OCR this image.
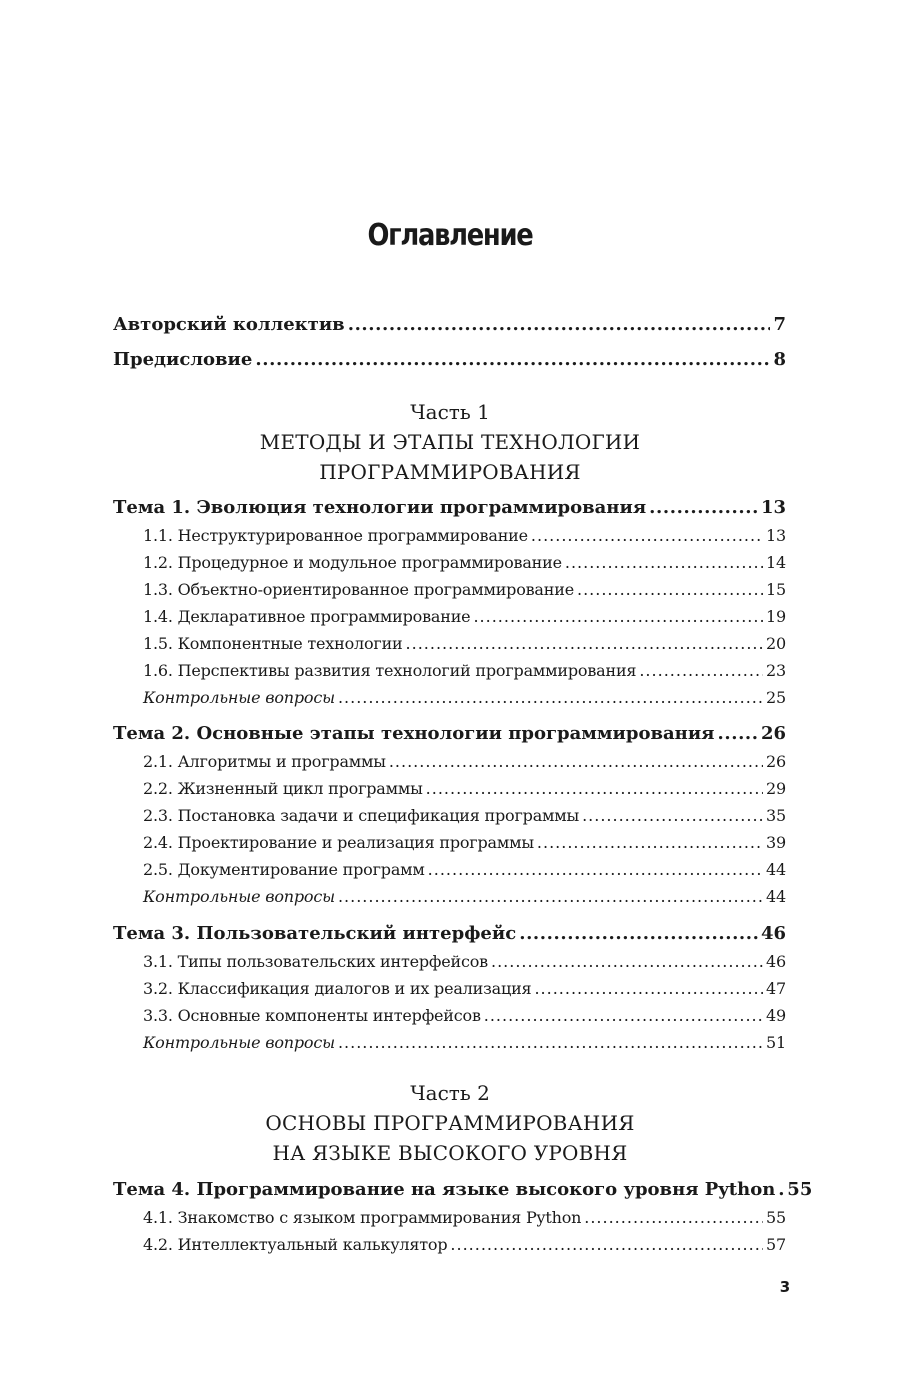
Оглавление
Авторский коллектив .....	7
Предисловие .....	8
Часть 1
МЕТОДЫ И ЭТАПЫ ТЕХНОЛОГИИ
ПРОГРАММИРОВАНИЯ
Тема 1. Эволюция технологии программирования .....	13
1.1. Неструктурированное программирование .....	13
1.2. Процедурное и модульное программирование .....	14
1.3. Объектно-ориентированное программирование .....	15
1.4. Декларативное программирование .....	19
1.5. Компонентные технологии .....	20
1.6. Перспективы развития технологий программирования .....	23
Контрольные вопросы .....	25
Тема 2. Основные этапы технологии программирования .....	26
2.1. Алгоритмы и программы .....	26
2.2. Жизненный цикл программы .....	29
2.3. Постановка задачи и спецификация программы .....	35
2.4. Проектирование и реализация программы .....	39
2.5. Документирование программ .....	44
Контрольные вопросы .....	44
Тема 3. Пользовательский интерфейс .....	46
3.1. Типы пользовательских интерфейсов .....	46
3.2. Классификация диалогов и их реализация .....	47
3.3. Основные компоненты интерфейсов .....	49
Контрольные вопросы .....	51
Часть 2
ОСНОВЫ ПРОГРАММИРОВАНИЯ
НА ЯЗЫКЕ ВЫСОКОГО УРОВНЯ
Тема 4. Программирование на языке высокого уровня Python ..... 55
4.1. Знакомство с языком программирования Python .....	55
4.2. Интеллектуальный калькулятор .....	57
3
